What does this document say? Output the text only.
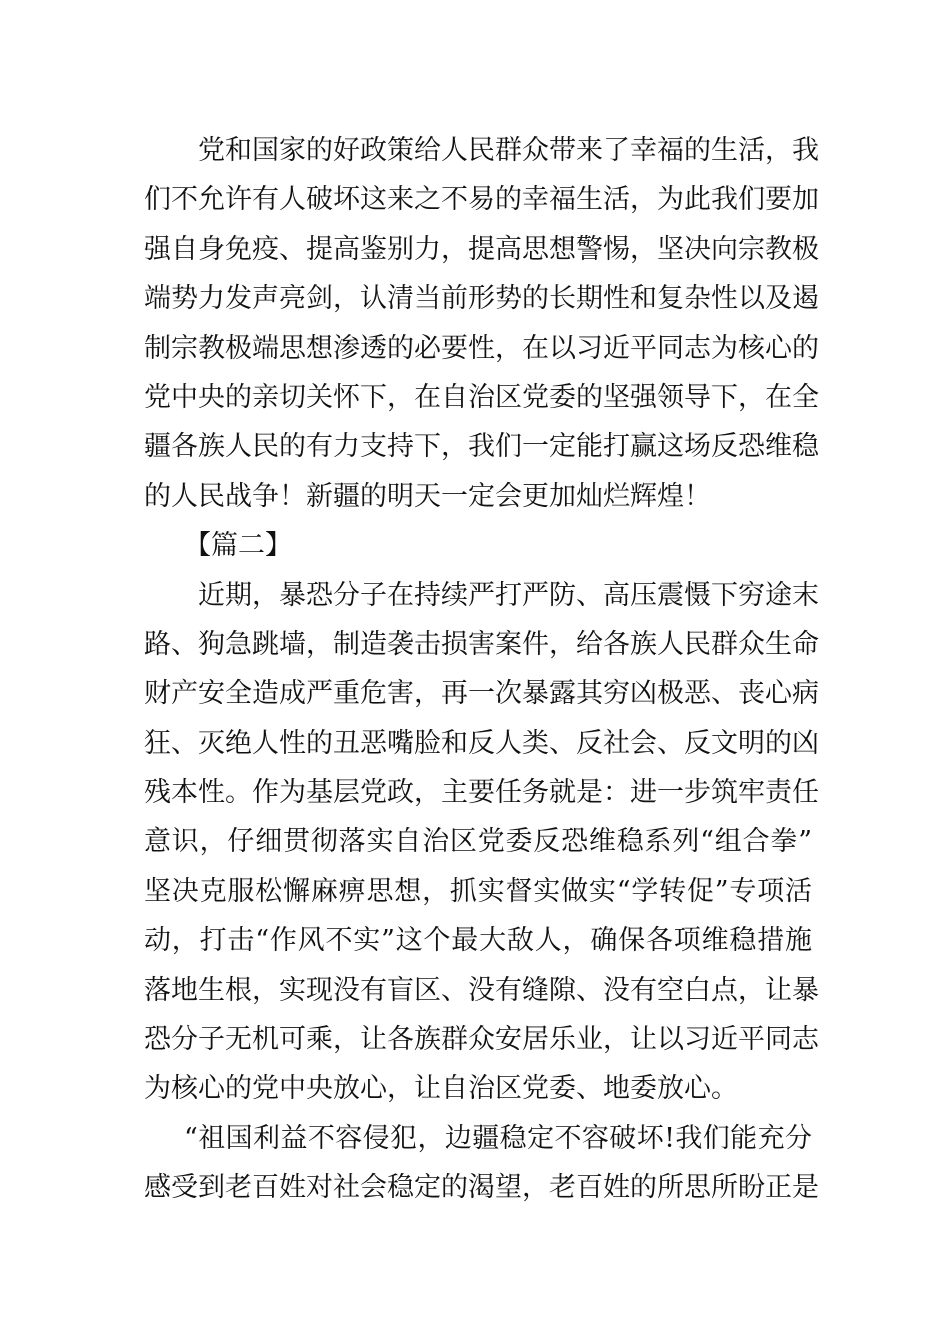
党和国家的好政策给人民群众带来了幸福的生活，我
们不允许有人破坏这来之不易的幸福生活，为此我们要加
强自身免疫、提高鉴别力，提高思想警惕，坚决向宗教极
端势力发声亮剑，认清当前形势的长期性和复杂性以及遏
制宗教极端思想渗透的必要性，在以习近平同志为核心的
党中央的亲切关怀下，在自治区党委的坚强领导下，在全
疆各族人民的有力支持下，我们一定能打赢这场反恐维稳
的人民战争！新疆的明天一定会更加灿烂辉煌！
【篇二】
近期，暴恐分子在持续严打严防、高压震慑下穷途末
路、狗急跳墙，制造袭击损害案件，给各族人民群众生命
财产安全造成严重危害，再一次暴露其穷凶极恶、丧心病
狂、灭绝人性的丑恶嘴脸和反人类、反社会、反文明的凶
残本性。作为基层党政，主要任务就是：进一步筑牢责任
意识，仔细贯彻落实自治区党委反恐维稳系列“组合拳”
坚决克服松懈麻痹思想，抓实督实做实“学转促”专项活
动，打击“作风不实”这个最大敌人，确保各项维稳措施
落地生根，实现没有盲区、没有缝隙、没有空白点，让暴
恐分子无机可乘，让各族群众安居乐业，让以习近平同志
为核心的党中央放心，让自治区党委、地委放心。
“祖国利益不容侵犯，边疆稳定不容破坏!我们能充分
感受到老百姓对社会稳定的渴望，老百姓的所思所盼正是
